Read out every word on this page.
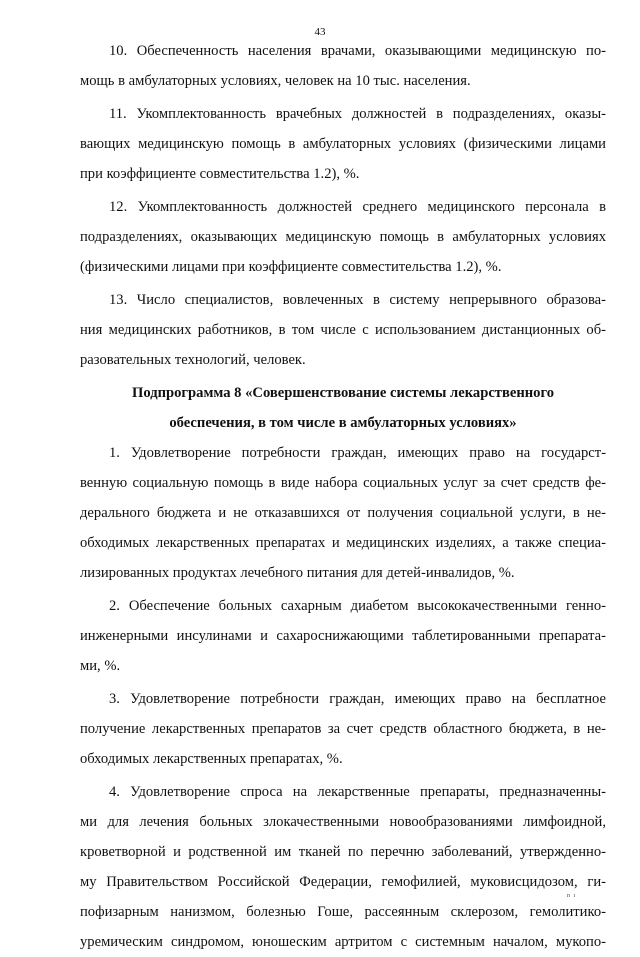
43

10. Обеспеченность населения врачами, оказывающими медицинскую по-
мощь в амбулаторных условиях, человек на 10 тыс. населения.

11. Укомплектованность врачебных должностей в подразделениях, оказы-
вающих медицинскую помощь в амбулаторных условиях (физическими лицами
при коэффициенте совместительства 1.2), %.

12. Укомплектованность должностей среднего медицинского персонала в
подразделениях, оказывающих медицинскую помощь в амбулаторных условиях
(физическими лицами при коэффициенте совместительства 1.2), %.

13. Число специалистов, вовлеченных в систему непрерывного образова-
ния медицинских работников, в том числе с использованием дистанционных об-
разовательных технологий, человек.

Подпрограмма 8 «Совершенствование системы лекарственного
обеспечения, в том числе в амбулаторных условиях»

1. Удовлетворение потребности граждан, имеющих право на государст-
венную социальную помощь в виде набора социальных услуг за счет средств фе-
дерального бюджета и не отказавшихся от получения социальной услуги, в не-
обходимых лекарственных препаратах и медицинских изделиях, а также специа-
лизированных продуктах лечебного питания для детей-инвалидов, %.

2. Обеспечение больных сахарным диабетом высококачественными генно-
инженерными инсулинами и сахароснижающими таблетированными препарата-
ми, %.

3. Удовлетворение потребности граждан, имеющих право на бесплатное
получение лекарственных препаратов за счет средств областного бюджета, в не-
обходимых лекарственных препаратах, %.

4. Удовлетворение спроса на лекарственные препараты, предназначенны-
ми для лечения больных злокачественными новообразованиями лимфоидной,
кроветворной и родственной им тканей по перечню заболеваний, утвержденно-
му Правительством Российской Федерации, гемофилией, муковисцидозом, ги-
пофизарным нанизмом, болезнью Гоше, рассеянным склерозом, гемолитико-
уремическим синдромом, юношеским артритом с системным началом, мукопо-

n ı
